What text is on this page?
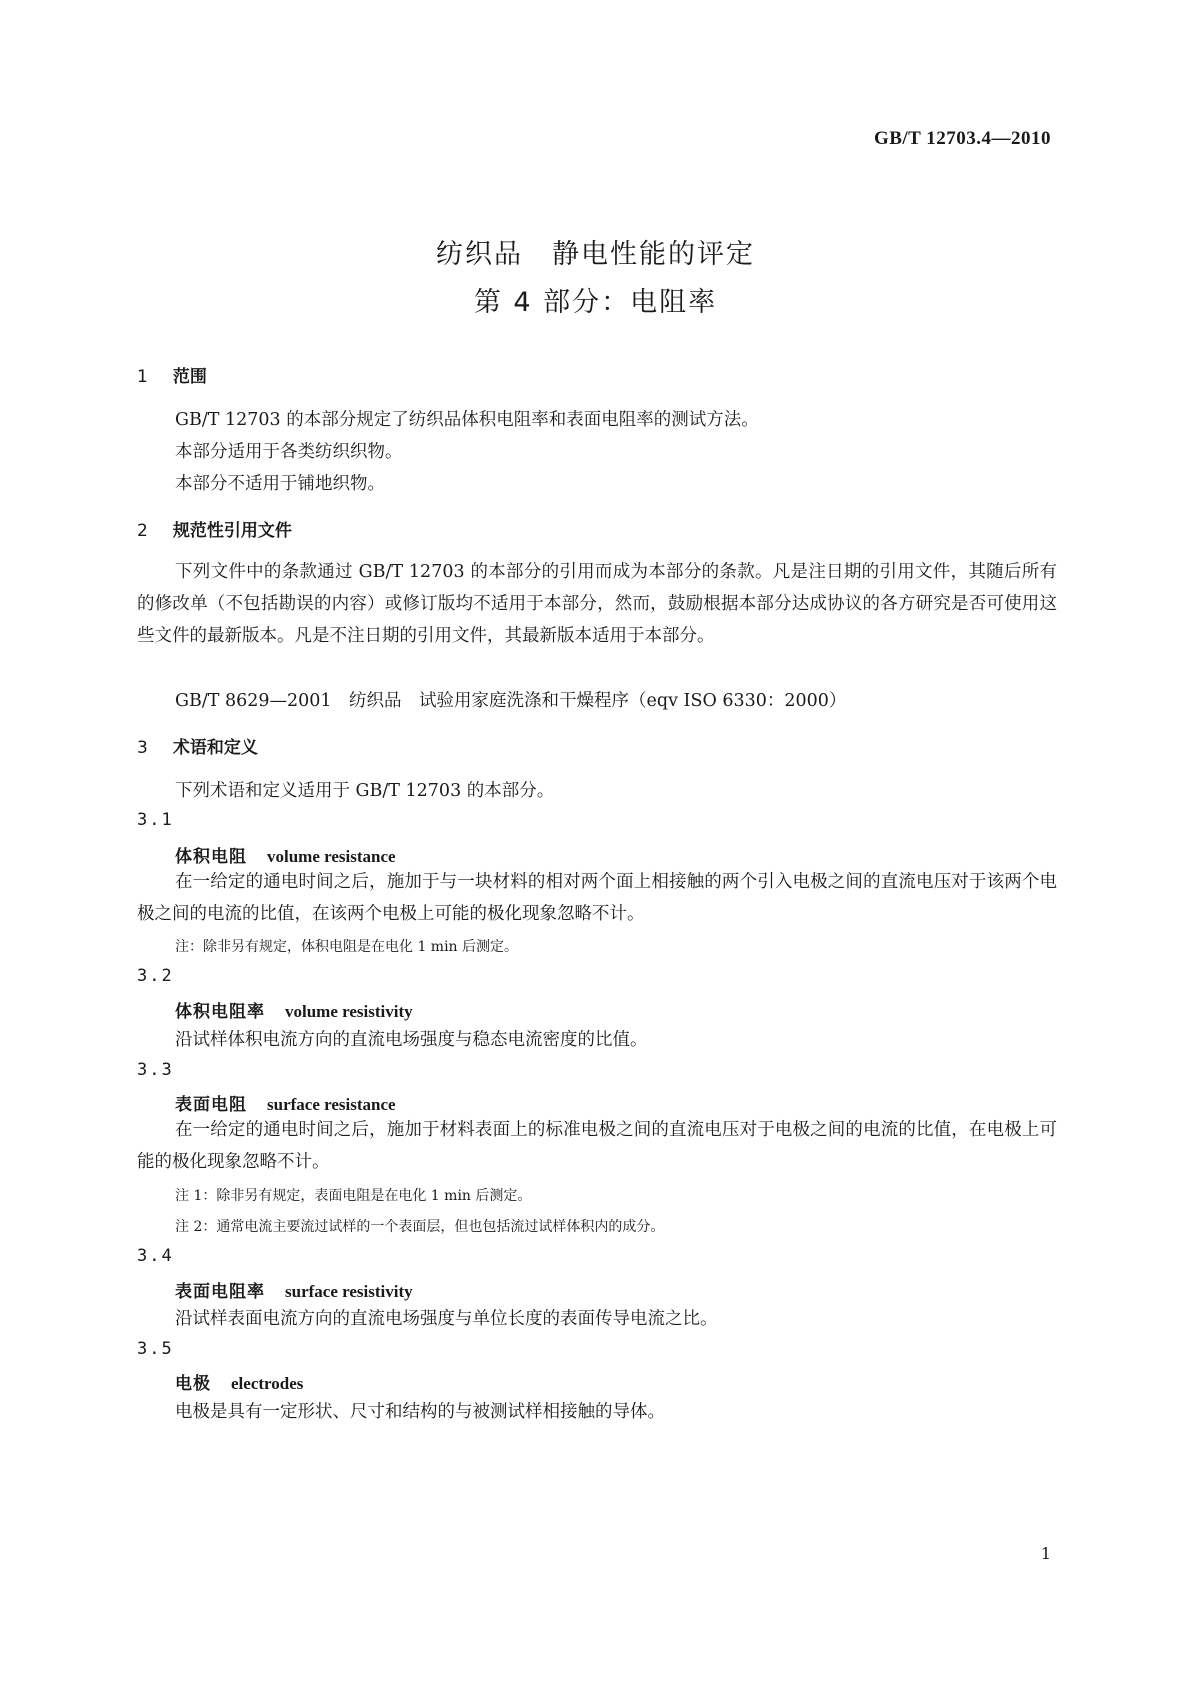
GB/T 12703.4—2010
纺织品　静电性能的评定
第 4 部分：电阻率
1 范围
GB/T 12703 的本部分规定了纺织品体积电阻率和表面电阻率的测试方法。
本部分适用于各类纺织织物。
本部分不适用于铺地织物。
2 规范性引用文件
下列文件中的条款通过 GB/T 12703 的本部分的引用而成为本部分的条款。凡是注日期的引用文件，其随后所有的修改单（不包括勘误的内容）或修订版均不适用于本部分，然而，鼓励根据本部分达成协议的各方研究是否可使用这些文件的最新版本。凡是不注日期的引用文件，其最新版本适用于本部分。
GB/T 8629—2001　纺织品　试验用家庭洗涤和干燥程序（eqv ISO 6330：2000）
3 术语和定义
下列术语和定义适用于 GB/T 12703 的本部分。
3.1
体积电阻 volume resistance
在一给定的通电时间之后，施加于与一块材料的相对两个面上相接触的两个引入电极之间的直流电压对于该两个电极之间的电流的比值，在该两个电极上可能的极化现象忽略不计。
注：除非另有规定，体积电阻是在电化 1 min 后测定。
3.2
体积电阻率 volume resistivity
沿试样体积电流方向的直流电场强度与稳态电流密度的比值。
3.3
表面电阻 surface resistance
在一给定的通电时间之后，施加于材料表面上的标准电极之间的直流电压对于电极之间的电流的比值，在电极上可能的极化现象忽略不计。
注 1：除非另有规定，表面电阻是在电化 1 min 后测定。
注 2：通常电流主要流过试样的一个表面层，但也包括流过试样体积内的成分。
3.4
表面电阻率 surface resistivity
沿试样表面电流方向的直流电场强度与单位长度的表面传导电流之比。
3.5
电极 electrodes
电极是具有一定形状、尺寸和结构的与被测试样相接触的导体。
1
